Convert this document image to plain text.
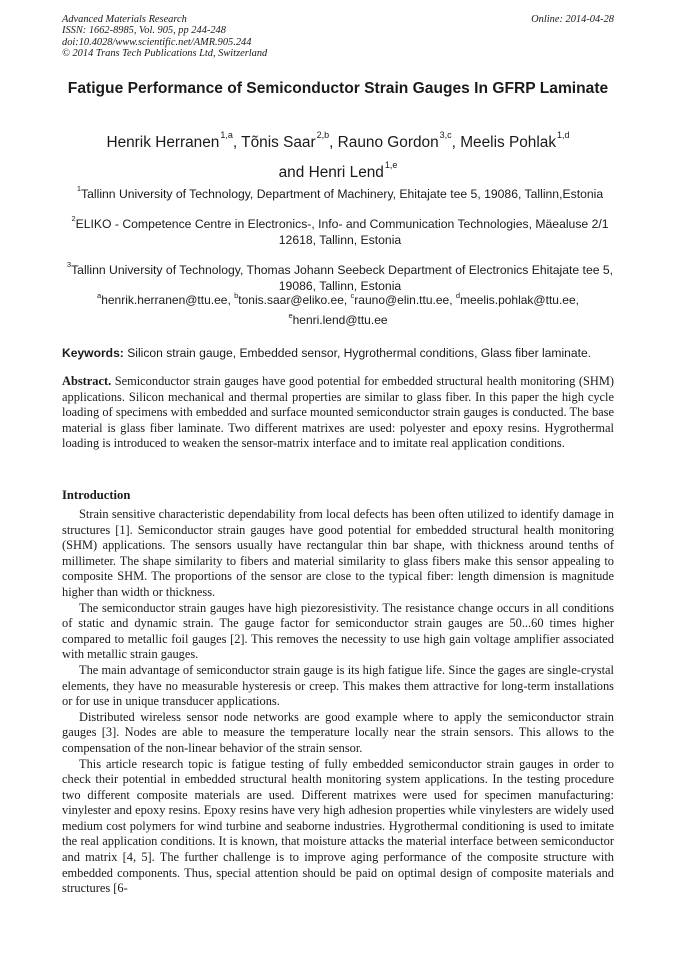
Advanced Materials Research
ISSN: 1662-8985, Vol. 905, pp 244-248
doi:10.4028/www.scientific.net/AMR.905.244
© 2014 Trans Tech Publications Ltd, Switzerland
Online: 2014-04-28
Fatigue Performance of Semiconductor Strain Gauges In GFRP Laminate
Henrik Herranen$^{1,a}$, Tõnis Saar$^{2,b}$, Rauno Gordon$^{3,c}$, Meelis Pohlak$^{1,d}$
and Henri Lend$^{1,e}$
$^1$Tallinn University of Technology, Department of Machinery, Ehitajate tee 5, 19086, Tallinn,Estonia
$^2$ELIKO - Competence Centre in Electronics-, Info- and Communication Technologies, Mäealuse 2/1 12618, Tallinn, Estonia
$^3$Tallinn University of Technology, Thomas Johann Seebeck Department of Electronics Ehitajate tee 5, 19086, Tallinn, Estonia
$^a$henrik.herranen@ttu.ee, $^b$tonis.saar@eliko.ee, $^c$rauno@elin.ttu.ee, $^d$meelis.pohlak@ttu.ee,
$^e$henri.lend@ttu.ee
Keywords: Silicon strain gauge, Embedded sensor, Hygrothermal conditions, Glass fiber laminate.
Abstract. Semiconductor strain gauges have good potential for embedded structural health monitoring (SHM) applications. Silicon mechanical and thermal properties are similar to glass fiber. In this paper the high cycle loading of specimens with embedded and surface mounted semiconductor strain gauges is conducted. The base material is glass fiber laminate. Two different matrixes are used: polyester and epoxy resins. Hygrothermal loading is introduced to weaken the sensor-matrix interface and to imitate real application conditions.
Introduction

Strain sensitive characteristic dependability from local defects has been often utilized to identify damage in structures [1]. Semiconductor strain gauges have good potential for embedded structural health monitoring (SHM) applications. The sensors usually have rectangular thin bar shape, with thickness around tenths of millimeter. The shape similarity to fibers and material similarity to glass fibers make this sensor appealing to composite SHM. The proportions of the sensor are close to the typical fiber: length dimension is magnitude higher than width or thickness.

The semiconductor strain gauges have high piezoresistivity. The resistance change occurs in all conditions of static and dynamic strain. The gauge factor for semiconductor strain gauges are 50...60 times higher compared to metallic foil gauges [2]. This removes the necessity to use high gain voltage amplifier associated with metallic strain gauges.

The main advantage of semiconductor strain gauge is its high fatigue life. Since the gages are single-crystal elements, they have no measurable hysteresis or creep. This makes them attractive for long-term installations or for use in unique transducer applications.

Distributed wireless sensor node networks are good example where to apply the semiconductor strain gauges [3]. Nodes are able to measure the temperature locally near the strain sensors. This allows to the compensation of the non-linear behavior of the strain sensor.

This article research topic is fatigue testing of fully embedded semiconductor strain gauges in order to check their potential in embedded structural health monitoring system applications. In the testing procedure two different composite materials are used. Different matrixes were used for specimen manufacturing: vinylester and epoxy resins. Epoxy resins have very high adhesion properties while vinylesters are widely used medium cost polymers for wind turbine and seaborne industries. Hygrothermal conditioning is used to imitate the real application conditions. It is known, that moisture attacks the material interface between semiconductor and matrix [4, 5]. The further challenge is to improve aging performance of the composite structure with embedded components. Thus, special attention should be paid on optimal design of composite materials and structures [6-
